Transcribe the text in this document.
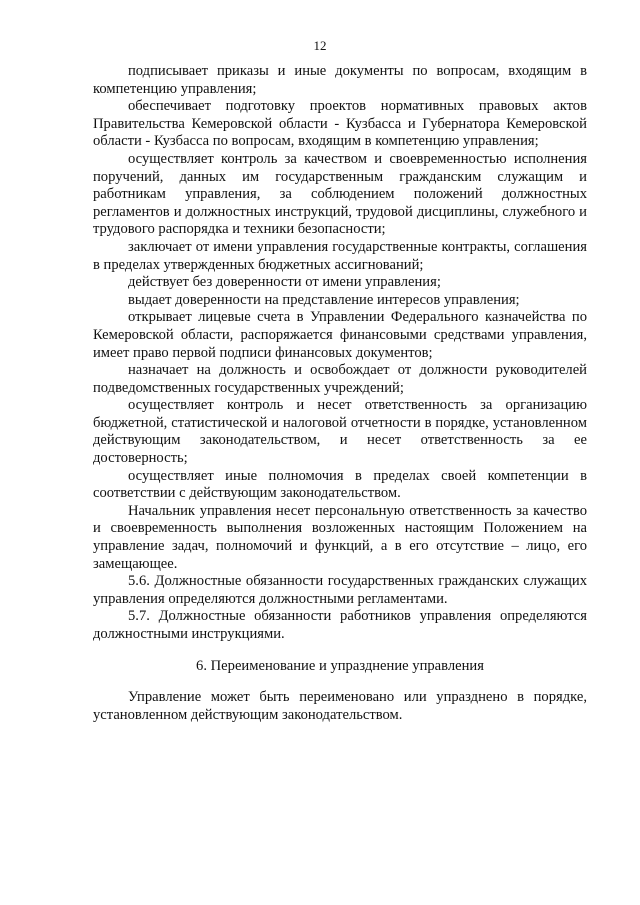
12

подписывает приказы и иные документы по вопросам, входящим в компетенцию управления;

обеспечивает подготовку проектов нормативных правовых актов Правительства Кемеровской области - Кузбасса и Губернатора Кемеровской области - Кузбасса по вопросам, входящим в компетенцию управления;

осуществляет контроль за качеством и своевременностью исполнения поручений, данных им государственным гражданским служащим и работникам управления, за соблюдением положений должностных регламентов и должностных инструкций, трудовой дисциплины, служебного и трудового распорядка и техники безопасности;

заключает от имени управления государственные контракты, соглашения в пределах утвержденных бюджетных ассигнований;

действует без доверенности от имени управления;

выдает доверенности на представление интересов управления;

открывает лицевые счета в Управлении Федерального казначейства по Кемеровской области, распоряжается финансовыми средствами управления, имеет право первой подписи финансовых документов;

назначает на должность и освобождает от должности руководителей подведомственных государственных учреждений;

осуществляет контроль и несет ответственность за организацию бюджетной, статистической и налоговой отчетности в порядке, установленном действующим законодательством, и несет ответственность за ее достоверность;

осуществляет иные полномочия в пределах своей компетенции в соответствии с действующим законодательством.

Начальник управления несет персональную ответственность за качество и своевременность выполнения возложенных настоящим Положением на управление задач, полномочий и функций, а в его отсутствие – лицо, его замещающее.

5.6. Должностные обязанности государственных гражданских служащих управления определяются должностными регламентами.

5.7. Должностные обязанности работников управления определяются должностными инструкциями.

6. Переименование и упразднение управления

Управление может быть переименовано или упразднено в порядке, установленном действующим законодательством.
